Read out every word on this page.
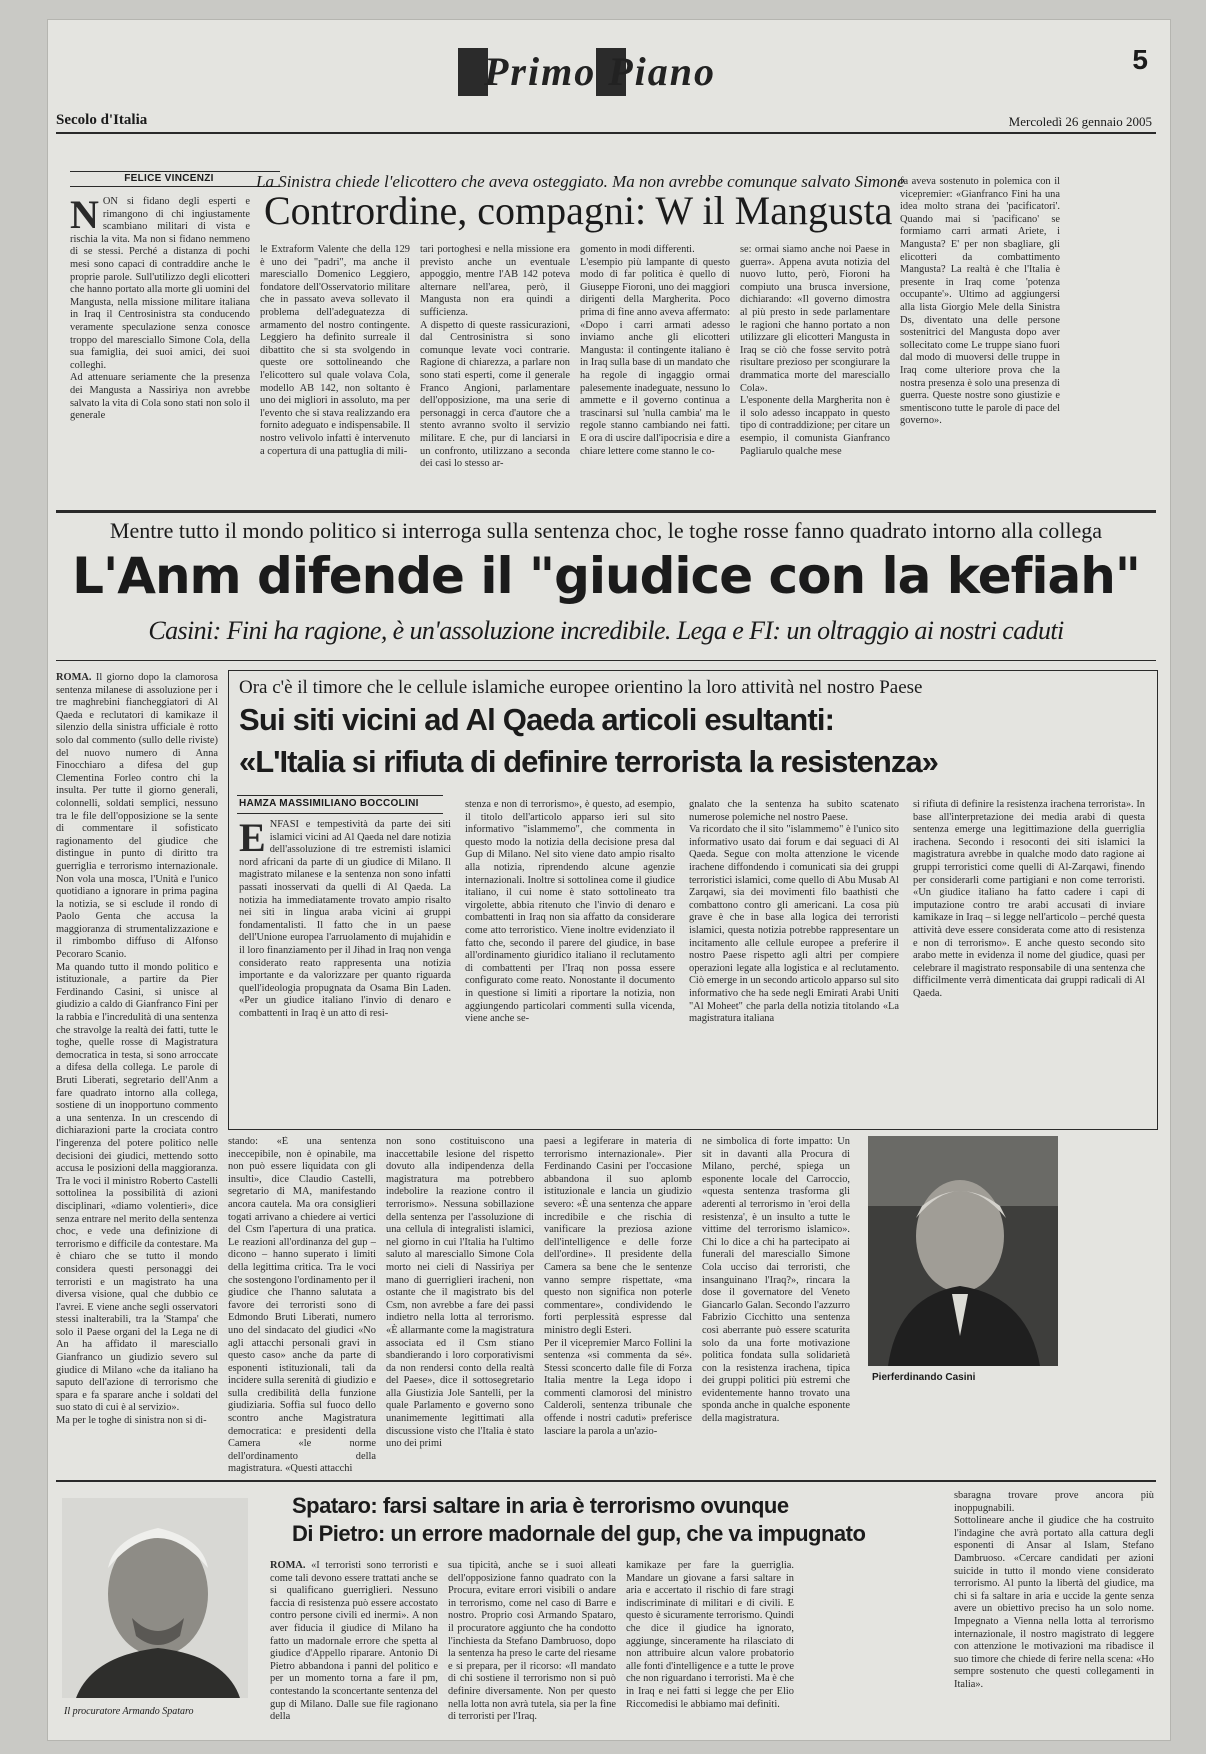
Primo Piano	5
Secolo d'Italia	Mercoledì 26 gennaio 2005
FELICE VINCENZI	La Sinistra chiede l'elicottero che aveva osteggiato. Ma non avrebbe comunque salvato Simone
Contrordine, compagni: W il Mangusta
N ON si fidano degli esperti e rimangono di chi ingiustamente scambiano militari di vista e rischia la vita. Ma non si fidano nemmeno di se stessi. Perché a distanza di pochi mesi sono capaci di contraddire anche le proprie parole. Sull'utilizzo degli elicotteri che hanno portato alla morte gli uomini del Mangusta, nella missione militare italiana in Iraq il Centrosinistra sta conducendo veramente speculazione senza conosce troppo del maresciallo Simone Cola, della sua famiglia, dei suoi amici, dei suoi colleghi.
Ad attenuare seriamente che la presenza dei Mangusta a Nassiriya non avrebbe salvato la vita di Cola sono stati non solo il generale
le Extraform Valente che della 129 è uno dei "padri", ma anche il maresciallo Domenico Leggiero, fondatore dell'Osservatorio militare che in passato aveva sollevato il problema dell'adeguatezza di armamento del nostro contingente. Leggiero ha definito surreale il dibattito che si sta svolgendo in queste ore sottolineando che l'elicottero sul quale volava Cola, modello AB 142, non soltanto è uno dei migliori in assoluto, ma per l'evento che si stava realizzando era fornito adeguato e indispensabile. Il nostro velivolo infatti è intervenuto a copertura di una pattuglia di mili-
tari portoghesi e nella missione era previsto anche un eventuale appoggio, mentre l'AB 142 poteva alternare nell'area, però, il Mangusta non era quindi a sufficienza.
A dispetto di queste rassicurazioni, dal Centrosinistra si sono comunque levate voci contrarie. Ragione di chiarezza, a parlare non sono stati esperti, come il generale Franco Angioni, parlamentare dell'opposizione, ma una serie di personaggi in cerca d'autore che a stento avranno svolto il servizio militare. E che, pur di lanciarsi in un confronto, utilizzano a seconda dei casi lo stesso ar-
gomento in modi differenti.
L'esempio più lampante di questo modo di far politica è quello di Giuseppe Fioroni, uno dei maggiori dirigenti della Margherita. Poco prima di fine anno aveva affermato: «Dopo i carri armati adesso inviamo anche gli elicotteri Mangusta: il contingente italiano è in Iraq sulla base di un mandato che ha regole di ingaggio ormai palesemente inadeguate, nessuno lo ammette e il governo continua a trascinarsi sul 'nulla cambia' ma le regole stanno cambiando nei fatti. E ora di uscire dall'ipocrisia e dire a chiare lettere come stanno le co-
se: ormai siamo anche noi Paese in guerra». Appena avuta notizia del nuovo lutto, però, Fioroni ha compiuto una brusca inversione, dichiarando: «Il governo dimostra al più presto in sede parlamentare le ragioni che hanno portato a non utilizzare gli elicotteri Mangusta in Iraq se ciò che fosse servito potrà risultare prezioso per scongiurare la drammatica morte del maresciallo Cola».
L'esponente della Margherita non è il solo adesso incappato in questo tipo di contraddizione; per citare un esempio, il comunista Gianfranco Pagliarulo qualche mese
fa aveva sostenuto in polemica con il vicepremier: «Gianfranco Fini ha una idea molto strana dei 'pacificatori'. Quando mai si 'pacificano' se formiamo carri armati Ariete, i Mangusta? E' per non sbagliare, gli elicotteri da combattimento Mangusta? La realtà è che l'Italia è presente in Iraq come 'potenza occupante'». Ultimo ad aggiungersi alla lista Giorgio Mele della Sinistra Ds, diventato una delle persone sostenitrici del Mangusta dopo aver sollecitato come Le truppe siano fuori dal modo di muoversi delle truppe in Iraq come ulteriore prova che la nostra presenza è solo una presenza di guerra. Queste nostre sono giustizie e smentiscono tutte le parole di pace del governo».
Mentre tutto il mondo politico si interroga sulla sentenza choc, le toghe rosse fanno quadrato intorno alla collega
L'Anm difende il "giudice con la kefiah"
Casini: Fini ha ragione, è un'assoluzione incredibile. Lega e FI: un oltraggio ai nostri caduti
ROMA. Il giorno dopo la clamorosa sentenza milanese di assoluzione per i tre maghrebini fiancheggiatori di Al Qaeda e reclutatori di kamikaze il silenzio della sinistra ufficiale è rotto solo dal commento (sullo delle riviste) del nuovo numero di Anna Finocchiaro a difesa del gup Clementina Forleo contro chi la insulta. Per tutte il giorno generali, colonnelli, soldati semplici, nessuno tra le file dell'opposizione se la sente di commentare il sofisticato ragionamento del giudice che distingue in punto di diritto tra guerriglia e terrorismo internazionale. Non vola una mosca, l'Unità e l'unico quotidiano a ignorare in prima pagina la notizia, se si esclude il rondo di Paolo Genta che accusa la maggioranza di strumentalizzazione e il rimbombo diffuso di Alfonso Pecoraro Scanio.
Ma quando tutto il mondo politico e istituzionale, a partire da Pier Ferdinando Casini, si unisce al giudizio a caldo di Gianfranco Fini per la rabbia e l'incredulità di una sentenza che stravolge la realtà dei fatti, tutte le toghe, quelle rosse di Magistratura democratica in testa, si sono arroccate a difesa della collega. Le parole di Bruti Liberati, segretario dell'Anm a fare quadrato intorno alla collega, sostiene di un inopportuno commento a una sentenza. In un crescendo di dichiarazioni parte la crociata contro l'ingerenza del potere politico nelle decisioni dei giudici, mettendo sotto accusa le posizioni della maggioranza. Tra le voci il ministro Roberto Castelli sottolinea la possibilità di azioni disciplinari, «diamo volentieri», dice senza entrare nel merito della sentenza choc, e vede una definizione di terrorismo e difficile da contestare. Ma è chiaro che se tutto il mondo considera questi personaggi dei terroristi e un magistrato ha una diversa visione, qual che dubbio ce l'avrei. E viene anche segli osservatori stessi inalterabili, tra la 'Stampa' che solo il Paese organi del la Lega ne di An ha affidato il maresciallo Gianfranco un giudizio severo sul giudice di Milano «che da italiano ha saputo dell'azione di terrorismo che spara e fa sparare anche i soldati del suo stato di cui è al servizio».
Ma per le toghe di sinistra non si di-
Ora c'è il timore che le cellule islamiche europee orientino la loro attività nel nostro Paese
Sui siti vicini ad Al Qaeda articoli esultanti:
«L'Italia si rifiuta di definire terrorista la resistenza»
HAMZA MASSIMILIANO BOCCOLINI
E NFASI e tempestività da parte dei siti islamici vicini ad Al Qaeda nel dare notizia dell'assoluzione di tre estremisti islamici nord africani da parte di un giudice di Milano. Il magistrato milanese e la sentenza non sono infatti passati inosservati da quelli di Al Qaeda. La notizia ha immediatamente trovato ampio risalto nei siti in lingua araba vicini ai gruppi fondamentalisti. Il fatto che in un paese dell'Unione europea l'arruolamento di mujahidin e il loro finanziamento per il Jihad in Iraq non venga considerato reato rappresenta una notizia importante e da valorizzare per quanto riguarda quell'ideologia propugnata da Osama Bin Laden. «Per un giudice italiano l'invio di denaro e combattenti in Iraq è un atto di resi-
stenza e non di terrorismo», è questo, ad esempio, il titolo dell'articolo apparso ieri sul sito informativo "islammemo", che commenta in questo modo la notizia della decisione presa dal Gup di Milano. Nel sito viene dato ampio risalto alla notizia, riprendendo alcune agenzie internazionali. Inoltre si sottolinea come il giudice italiano, il cui nome è stato sottolineato tra virgolette, abbia ritenuto che l'invio di denaro e combattenti in Iraq non sia affatto da considerare come atto terroristico. Viene inoltre evidenziato il fatto che, secondo il parere del giudice, in base all'ordinamento giuridico italiano il reclutamento di combattenti per l'Iraq non possa essere configurato come reato. Nonostante il documento in questione si limiti a riportare la notizia, non aggiungendo particolari commenti sulla vicenda, viene anche se-
gnalato che la sentenza ha subito scatenato numerose polemiche nel nostro Paese.
Va ricordato che il sito "islammemo" è l'unico sito informativo usato dai forum e dai seguaci di Al Qaeda. Segue con molta attenzione le vicende irachene diffondendo i comunicati sia dei gruppi terroristici islamici, come quello di Abu Musab Al Zarqawi, sia dei movimenti filo baathisti che combattono contro gli americani. La cosa più grave è che in base alla logica dei terroristi islamici, questa notizia potrebbe rappresentare un incitamento alle cellule europee a preferire il nostro Paese rispetto agli altri per compiere operazioni legate alla logistica e al reclutamento. Ciò emerge in un secondo articolo apparso sul sito informativo che ha sede negli Emirati Arabi Uniti "Al Moheet" che parla della notizia titolando «La magistratura italiana
si rifiuta di definire la resistenza irachena terrorista». In base all'interpretazione dei media arabi di questa sentenza emerge una legittimazione della guerriglia irachena. Secondo i resoconti dei siti islamici la magistratura avrebbe in qualche modo dato ragione ai gruppi terroristici come quelli di Al-Zarqawi, finendo per considerarli come partigiani e non come terroristi. «Un giudice italiano ha fatto cadere i capi di imputazione contro tre arabi accusati di inviare kamikaze in Iraq – si legge nell'articolo – perché questa attività deve essere considerata come atto di resistenza e non di terrorismo». E anche questo secondo sito arabo mette in evidenza il nome del giudice, quasi per celebrare il magistrato responsabile di una sentenza che difficilmente verrà dimenticata dai gruppi radicali di Al Qaeda.
stando: «È una sentenza ineccepibile, non è opinabile, ma non può essere liquidata con gli insulti», dice Claudio Castelli, segretario di MA, manifestando ancora cautela. Ma ora consiglieri togati arrivano a chiedere ai vertici del Csm l'apertura di una pratica. Le reazioni all'ordinanza del gup – dicono – hanno superato i limiti della legittima critica. Tra le voci che sostengono l'ordinamento per il giudice che l'hanno salutata a favore dei terroristi sono di Edmondo Bruti Liberati, numero uno del sindacato del giudici «No agli attacchi personali gravi in questo caso» anche da parte di esponenti istituzionali, tali da incidere sulla serenità di giudizio e sulla credibilità della funzione giudiziaria. Soffia sul fuoco dello scontro anche Magistratura democratica: e presidenti della Camera «le norme dell'ordinamento della magistratura. «Questi attacchi
non sono costituiscono una inaccettabile lesione del rispetto dovuto alla indipendenza della magistratura ma potrebbero indebolire la reazione contro il terrorismo». Nessuna sobillazione della sentenza per l'assoluzione di una cellula di integralisti islamici, nel giorno in cui l'Italia ha l'ultimo saluto al maresciallo Simone Cola morto nei cieli di Nassiriya per mano di guerriglieri iracheni, non ostante che il magistrato bis del Csm, non avrebbe a fare dei passi indietro nella lotta al terrorismo. «È allarmante come la magistratura associata ed il Csm stiano sbandierando i loro corporativismi da non rendersi conto della realtà del Paese», dice il sottosegretario alla Giustizia Jole Santelli, per la quale Parlamento e governo sono unanimemente legittimati alla discussione visto che l'Italia è stato uno dei primi
paesi a legiferare in materia di terrorismo internazionale». Pier Ferdinando Casini per l'occasione abbandona il suo aplomb istituzionale e lancia un giudizio severo: «È una sentenza che appare incredibile e che rischia di vanificare la preziosa azione dell'intelligence e delle forze dell'ordine». Il presidente della Camera sa bene che le sentenze vanno sempre rispettate, «ma questo non significa non poterle commentare», condividendo le forti perplessità espresse dal ministro degli Esteri.
Per il vicepremier Marco Follini la sentenza «si commenta da sé». Stessi sconcerto dalle file di Forza Italia mentre la Lega idopo i commenti clamorosi del ministro Calderoli, sentenza tribunale che offende i nostri caduti» preferisce lasciare la parola a un'azio-
ne simbolica di forte impatto: Un sit in davanti alla Procura di Milano, perché, spiega un esponente locale del Carroccio, «questa sentenza trasforma gli aderenti al terrorismo in 'eroi della resistenza', è un insulto a tutte le vittime del terrorismo islamico». Chi lo dice a chi ha partecipato ai funerali del maresciallo Simone Cola ucciso dai terroristi, che insanguinano l'Iraq?», rincara la dose il governatore del Veneto Giancarlo Galan. Secondo l'azzurro Fabrizio Cicchitto una sentenza così aberrante può essere scaturita solo da una forte motivazione politica fondata sulla solidarietà con la resistenza irachena, tipica dei gruppi politici più estremi che evidentemente hanno trovato una sponda anche in qualche esponente della magistratura.
Pierferdinando Casini
Il procuratore Armando Spataro
Spataro: farsi saltare in aria è terrorismo ovunque
Di Pietro: un errore madornale del gup, che va impugnato
ROMA. «I terroristi sono terroristi e come tali devono essere trattati anche se si qualificano guerriglieri. Nessuno faccia di resistenza può essere accostato contro persone civili ed inermi». A non aver fiducia il giudice di Milano ha fatto un madornale errore che spetta al giudice d'Appello riparare. Antonio Di Pietro abbandona i panni del politico e per un momento torna a fare il pm, contestando la sconcertante sentenza del gup di Milano. Dalle sue file ragionano della
sua tipicità, anche se i suoi alleati dell'opposizione fanno quadrato con la Procura, evitare errori visibili o andare in terrorismo, come nel caso di Barre e nostro. Proprio così Armando Spataro, il procuratore aggiunto che ha condotto l'inchiesta da Stefano Dambruoso, dopo la sentenza ha preso le carte del riesame e si prepara, per il ricorso: «Il mandato di chi sostiene il terrorismo non si può definire diversamente. Non per questo nella lotta non avrà tutela, sia per la fine di terroristi per l'Iraq.
kamikaze per fare la guerriglia. Mandare un giovane a farsi saltare in aria e accertato il rischio di fare stragi indiscriminate di militari e di civili. E questo è sicuramente terrorismo. Quindi che dice il giudice ha ignorato, aggiunge, sinceramente ha rilasciato di non attribuire alcun valore probatorio alle fonti d'intelligence e a tutte le prove che non riguardano i terroristi. Ma è che in Iraq e nei fatti si legge che per Elio Riccomedisi le abbiamo mai definiti.
sbaragna trovare prove ancora più inoppugnabili.
Sottolineare anche il giudice che ha costruito l'indagine che avrà portato alla cattura degli esponenti di Ansar al Islam, Stefano Dambruoso. «Cercare candidati per azioni suicide in tutto il mondo viene considerato terrorismo. Al punto la libertà del giudice, ma chi si fa saltare in aria e uccide la gente senza avere un obiettivo preciso ha un solo nome. Impegnato a Vienna nella lotta al terrorismo internazionale, il nostro magistrato di leggere con attenzione le motivazioni ma ribadisce il suo timore che chiede di ferire nella scena: «Ho sempre sostenuto che questi collegamenti in Italia».
